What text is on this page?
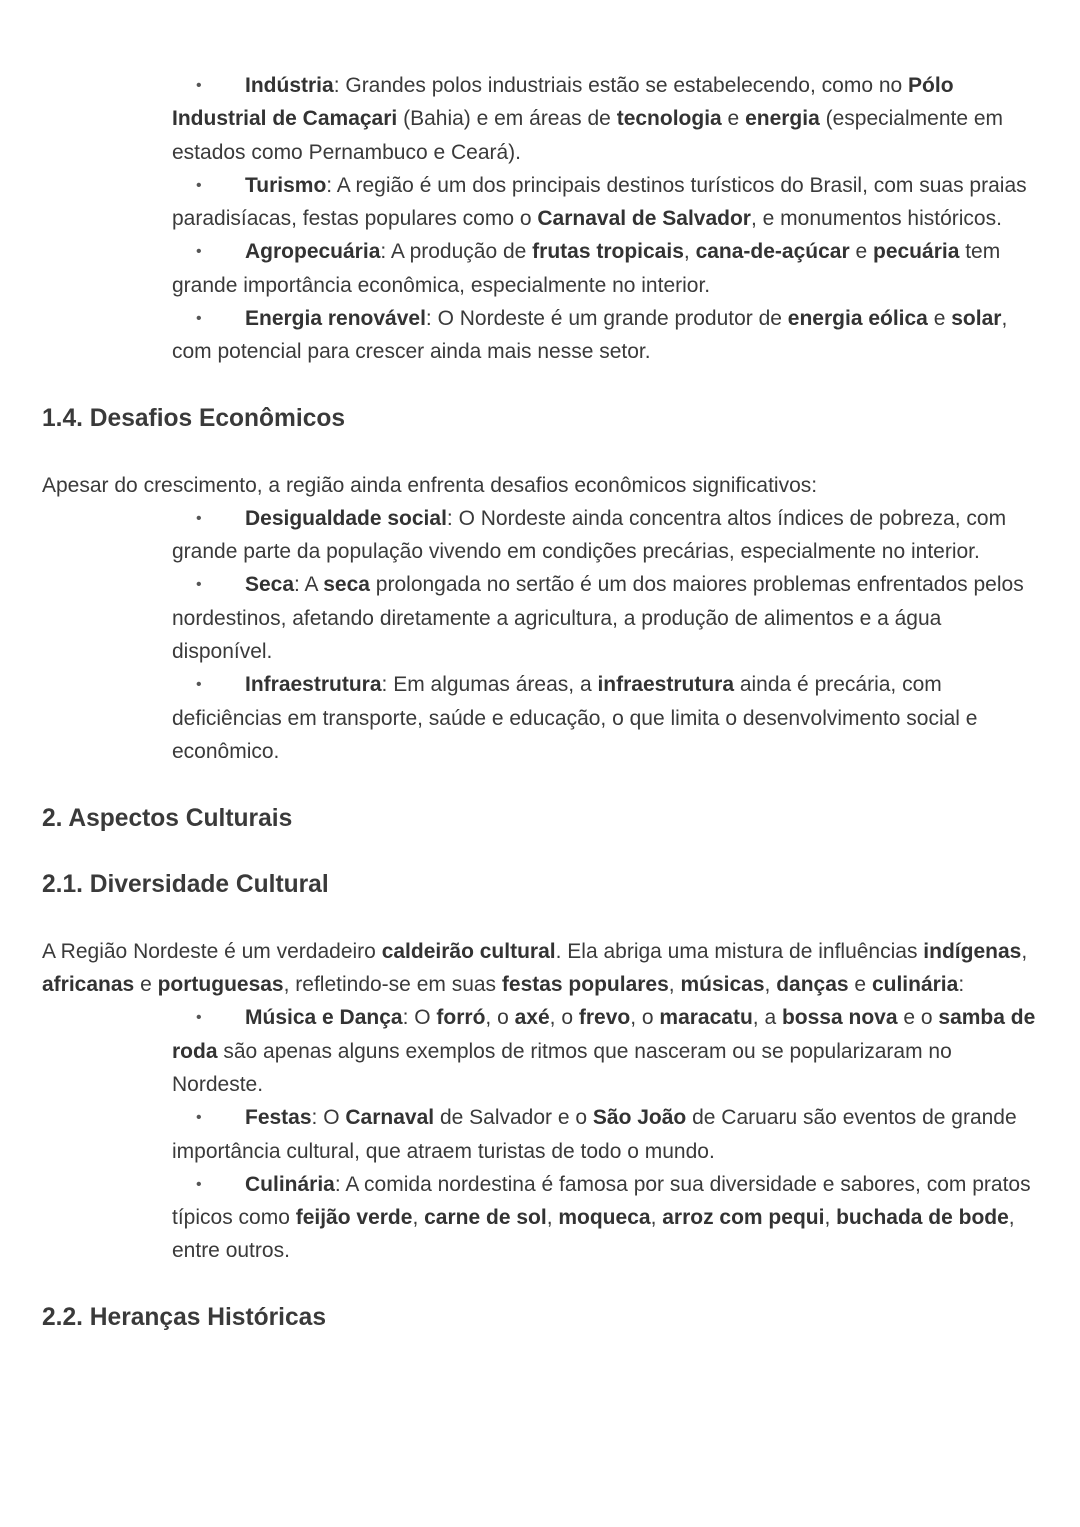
• Indústria: Grandes polos industriais estão se estabelecendo, como no Pólo Industrial de Camaçari (Bahia) e em áreas de tecnologia e energia (especialmente em estados como Pernambuco e Ceará).
• Turismo: A região é um dos principais destinos turísticos do Brasil, com suas praias paradisíacas, festas populares como o Carnaval de Salvador, e monumentos históricos.
• Agropecuária: A produção de frutas tropicais, cana-de-açúcar e pecuária tem grande importância econômica, especialmente no interior.
• Energia renovável: O Nordeste é um grande produtor de energia eólica e solar, com potencial para crescer ainda mais nesse setor.
1.4. Desafios Econômicos

Apesar do crescimento, a região ainda enfrenta desafios econômicos significativos:

• Desigualdade social: O Nordeste ainda concentra altos índices de pobreza, com grande parte da população vivendo em condições precárias, especialmente no interior.
• Seca: A seca prolongada no sertão é um dos maiores problemas enfrentados pelos nordestinos, afetando diretamente a agricultura, a produção de alimentos e a água disponível.
• Infraestrutura: Em algumas áreas, a infraestrutura ainda é precária, com deficiências em transporte, saúde e educação, o que limita o desenvolvimento social e econômico.
2. Aspectos Culturais
2.1. Diversidade Cultural

A Região Nordeste é um verdadeiro caldeirão cultural. Ela abriga uma mistura de influências indígenas, africanas e portuguesas, refletindo-se em suas festas populares, músicas, danças e culinária:

• Música e Dança: O forró, o axé, o frevo, o maracatu, a bossa nova e o samba de roda são apenas alguns exemplos de ritmos que nasceram ou se popularizaram no Nordeste.
• Festas: O Carnaval de Salvador e o São João de Caruaru são eventos de grande importância cultural, que atraem turistas de todo o mundo.
• Culinária: A comida nordestina é famosa por sua diversidade e sabores, com pratos típicos como feijão verde, carne de sol, moqueca, arroz com pequi, buchada de bode, entre outros.
2.2. Heranças Históricas
